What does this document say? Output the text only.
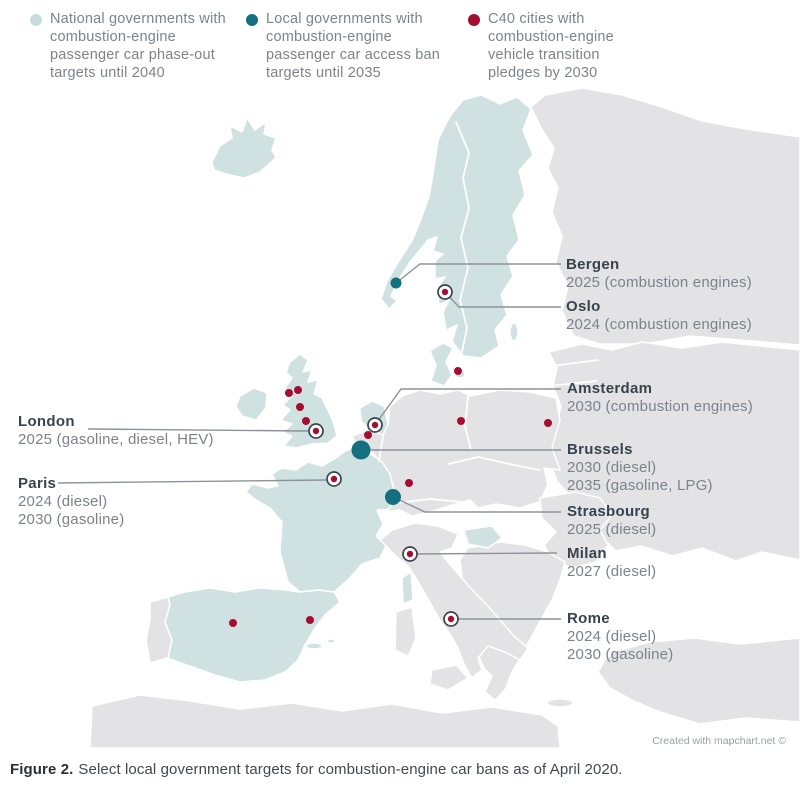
National governments with combustion-engine passenger car phase-out targets until 2040
Local governments with combustion-engine passenger car access ban targets until 2035
C40 cities with combustion-engine vehicle transition pledges by 2030
Bergen
2025 (combustion engines)
Oslo
2024 (combustion engines)
Amsterdam
2030 (combustion engines)
London
2025 (gasoline, diesel, HEV)
Brussels
2030 (diesel)
2035 (gasoline, LPG)
Paris
2024 (diesel)
2030 (gasoline)	Strasbourg
2025 (diesel)
Milan
2027 (diesel)
Rome
2024 (diesel)
2030 (gasoline)
Created with mapchart.net ©
Figure 2. Select local government targets for combustion-engine car bans as of April 2020.
